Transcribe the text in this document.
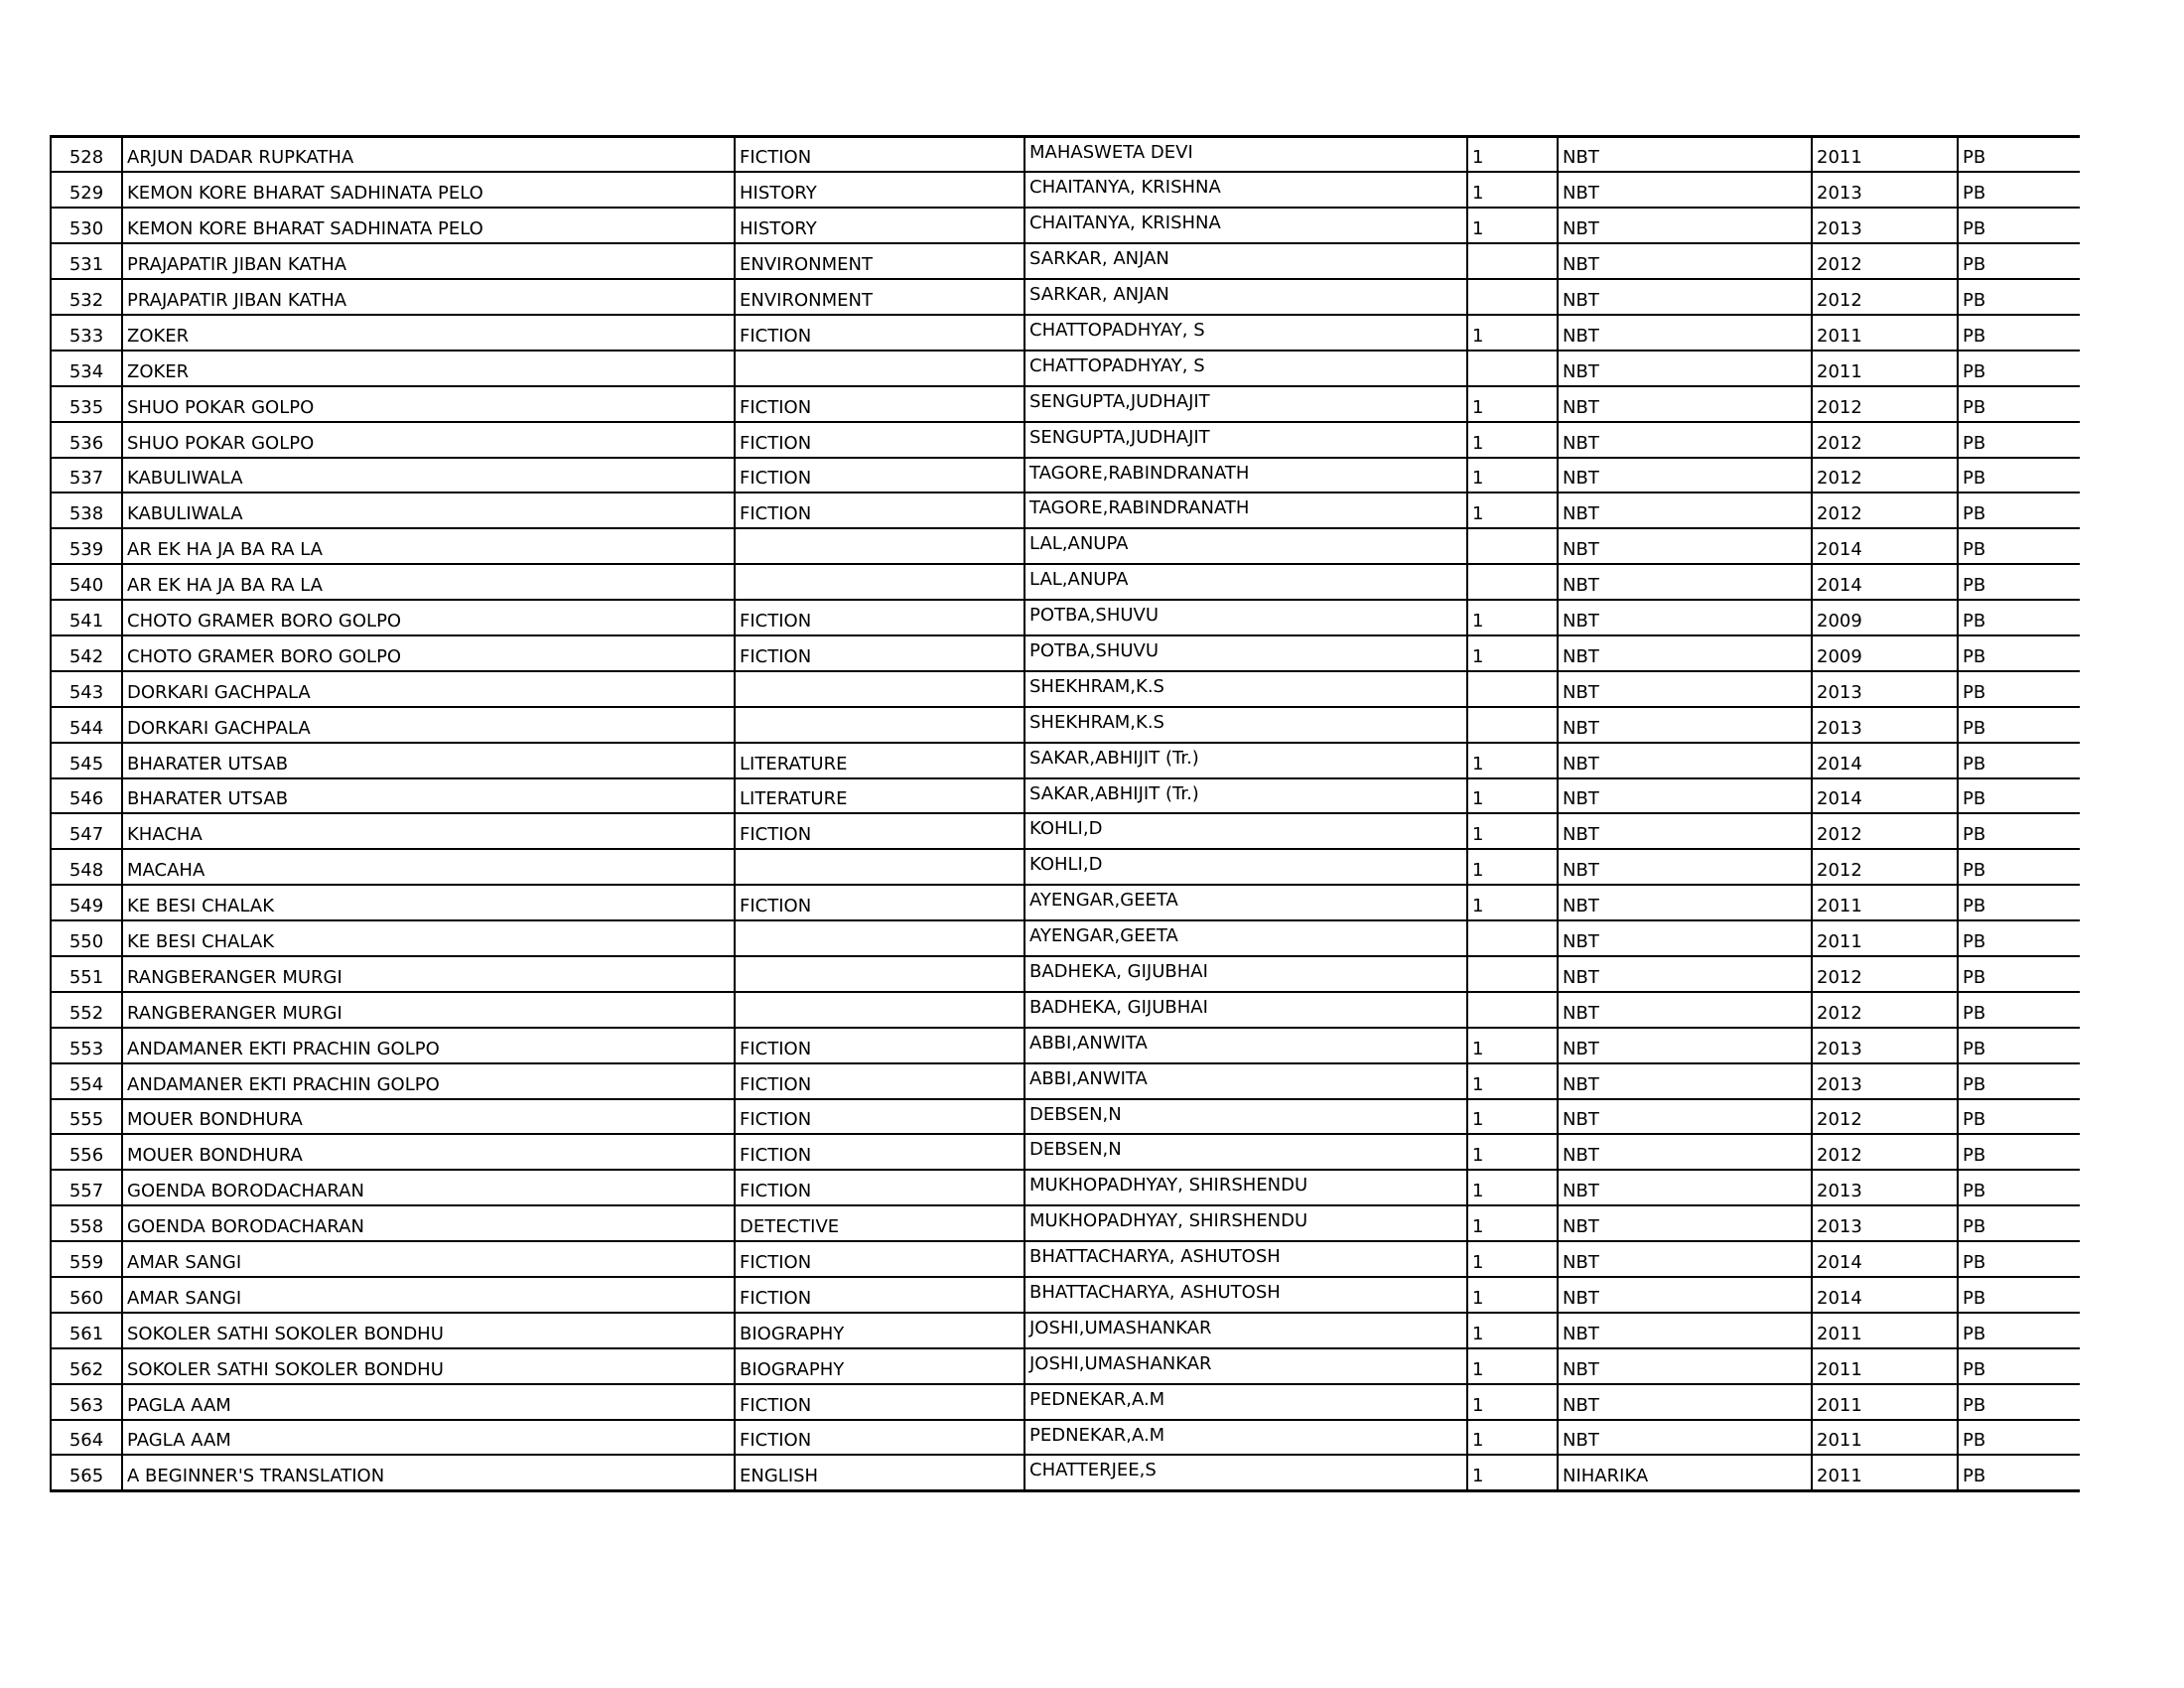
528	ARJUN DADAR RUPKATHA	FICTION	MAHASWETA DEVI	1	NBT	2011	PB
529	KEMON KORE BHARAT SADHINATA PELO	HISTORY	CHAITANYA, KRISHNA	1	NBT	2013	PB
530	KEMON KORE BHARAT SADHINATA PELO	HISTORY	CHAITANYA, KRISHNA	1	NBT	2013	PB
531	PRAJAPATIR JIBAN KATHA	ENVIRONMENT	SARKAR, ANJAN		NBT	2012	PB
532	PRAJAPATIR JIBAN KATHA	ENVIRONMENT	SARKAR, ANJAN		NBT	2012	PB
533	ZOKER	FICTION	CHATTOPADHYAY, S	1	NBT	2011	PB
534	ZOKER		CHATTOPADHYAY, S		NBT	2011	PB
535	SHUO POKAR GOLPO	FICTION	SENGUPTA,JUDHAJIT	1	NBT	2012	PB
536	SHUO POKAR GOLPO	FICTION	SENGUPTA,JUDHAJIT	1	NBT	2012	PB
537	KABULIWALA	FICTION	TAGORE,RABINDRANATH	1	NBT	2012	PB
538	KABULIWALA	FICTION	TAGORE,RABINDRANATH	1	NBT	2012	PB
539	AR EK HA JA BA RA LA		LAL,ANUPA		NBT	2014	PB
540	AR EK HA JA BA RA LA		LAL,ANUPA		NBT	2014	PB
541	CHOTO GRAMER BORO GOLPO	FICTION	POTBA,SHUVU	1	NBT	2009	PB
542	CHOTO GRAMER BORO GOLPO	FICTION	POTBA,SHUVU	1	NBT	2009	PB
543	DORKARI GACHPALA		SHEKHRAM,K.S		NBT	2013	PB
544	DORKARI GACHPALA		SHEKHRAM,K.S		NBT	2013	PB
545	BHARATER UTSAB	LITERATURE	SAKAR,ABHIJIT (Tr.)	1	NBT	2014	PB
546	BHARATER UTSAB	LITERATURE	SAKAR,ABHIJIT (Tr.)	1	NBT	2014	PB
547	KHACHA	FICTION	KOHLI,D	1	NBT	2012	PB
548	MACAHA		KOHLI,D	1	NBT	2012	PB
549	KE BESI CHALAK	FICTION	AYENGAR,GEETA	1	NBT	2011	PB
550	KE BESI CHALAK		AYENGAR,GEETA		NBT	2011	PB
551	RANGBERANGER MURGI		BADHEKA, GIJUBHAI		NBT	2012	PB
552	RANGBERANGER MURGI		BADHEKA, GIJUBHAI		NBT	2012	PB
553	ANDAMANER EKTI PRACHIN GOLPO	FICTION	ABBI,ANWITA	1	NBT	2013	PB
554	ANDAMANER EKTI PRACHIN GOLPO	FICTION	ABBI,ANWITA	1	NBT	2013	PB
555	MOUER BONDHURA	FICTION	DEBSEN,N	1	NBT	2012	PB
556	MOUER BONDHURA	FICTION	DEBSEN,N	1	NBT	2012	PB
557	GOENDA BORODACHARAN	FICTION	MUKHOPADHYAY, SHIRSHENDU	1	NBT	2013	PB
558	GOENDA BORODACHARAN	DETECTIVE	MUKHOPADHYAY, SHIRSHENDU	1	NBT	2013	PB
559	AMAR SANGI	FICTION	BHATTACHARYA, ASHUTOSH	1	NBT	2014	PB
560	AMAR SANGI	FICTION	BHATTACHARYA, ASHUTOSH	1	NBT	2014	PB
561	SOKOLER SATHI SOKOLER BONDHU	BIOGRAPHY	JOSHI,UMASHANKAR	1	NBT	2011	PB
562	SOKOLER SATHI SOKOLER BONDHU	BIOGRAPHY	JOSHI,UMASHANKAR	1	NBT	2011	PB
563	PAGLA AAM	FICTION	PEDNEKAR,A.M	1	NBT	2011	PB
564	PAGLA AAM	FICTION	PEDNEKAR,A.M	1	NBT	2011	PB
565	A BEGINNER'S TRANSLATION	ENGLISH	CHATTERJEE,S	1	NIHARIKA	2011	PB
